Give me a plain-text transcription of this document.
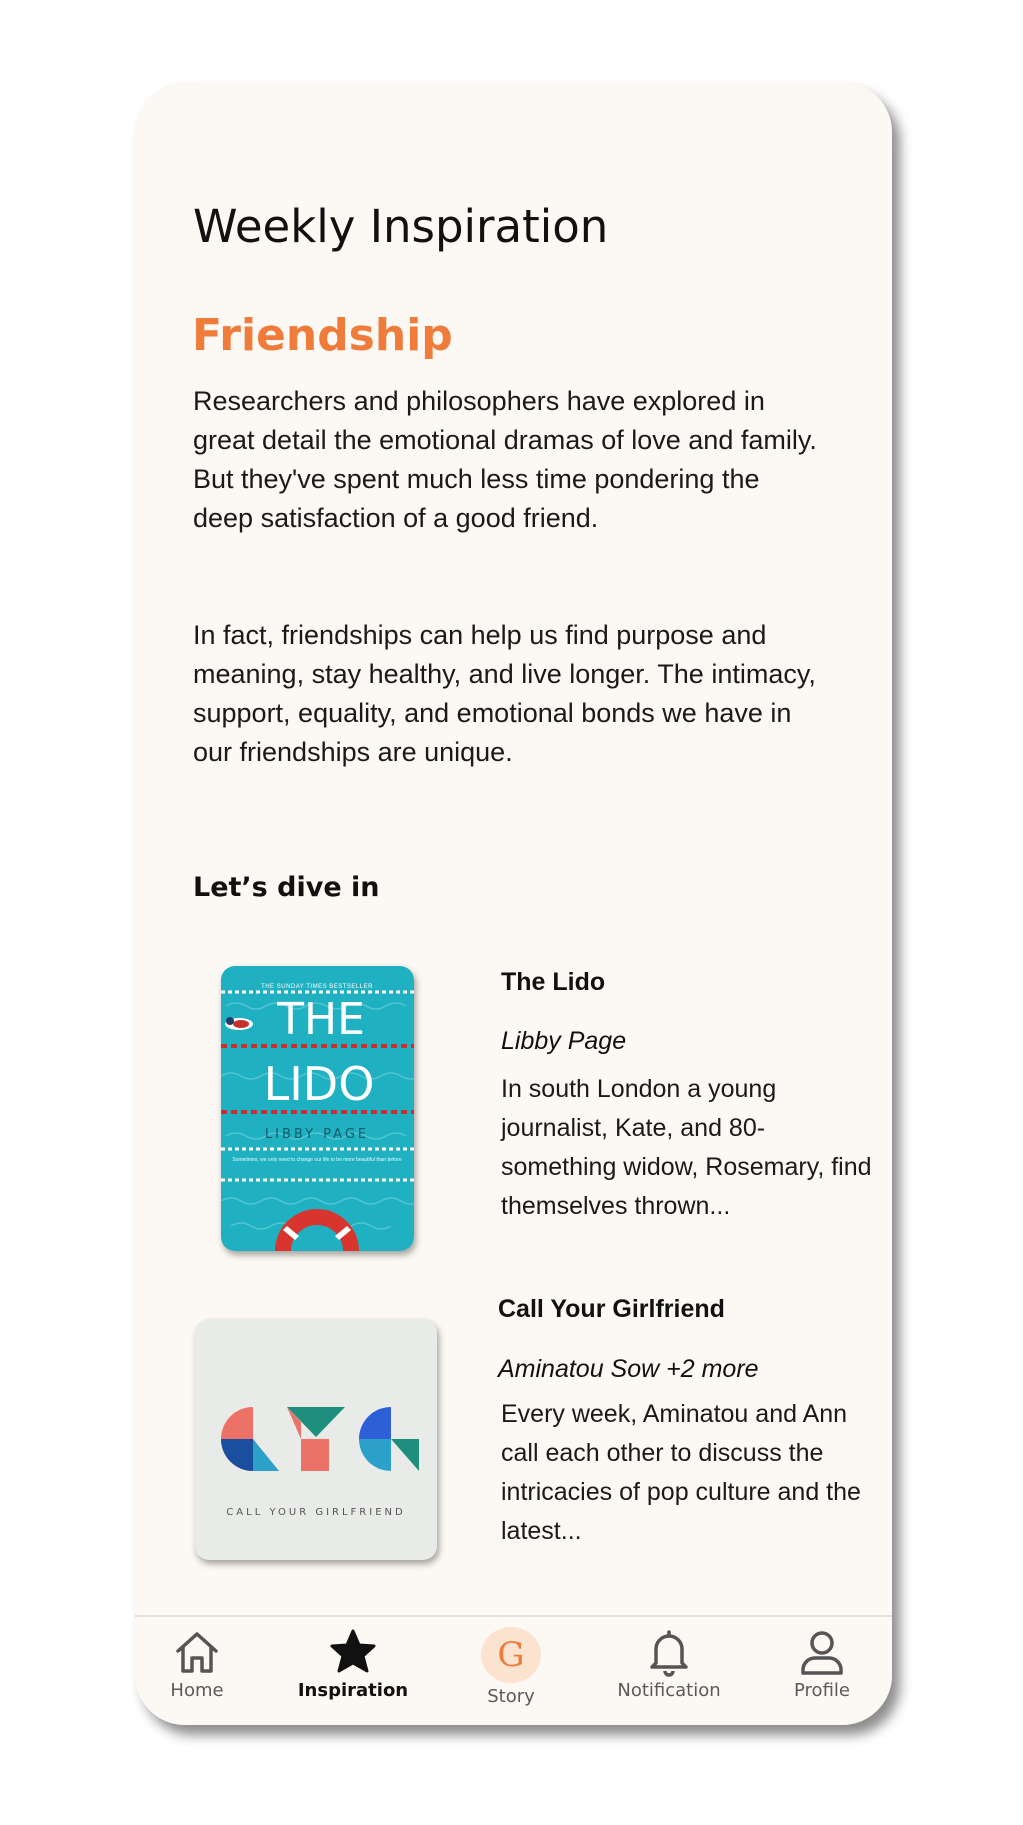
Weekly Inspiration
Friendship

Researchers and philosophers have explored in great detail the emotional dramas of love and family. But they've spent much less time pondering the deep satisfaction of a good friend.

In fact, friendships can help us find purpose and meaning, stay healthy, and live longer. The intimacy, support, equality, and emotional bonds we have in our friendships are unique.

Let’s dive in
THE SUNDAY TIMES BESTSELLER
THE
LIDO
LIBBY PAGE
Sometimes, we only need to change our life to be more beautiful than before
The Lido

Libby Page

In south London a young journalist, Kate, and 80-something widow, Rosemary, find themselves thrown...

CALL YOUR GIRLFRIEND
Call Your Girlfriend

Aminatou Sow +2 more

Every week, Aminatou and Ann call each other to discuss the intricacies of pop culture and the latest...

Home	Inspiration
G
Story	Notification	Profile
